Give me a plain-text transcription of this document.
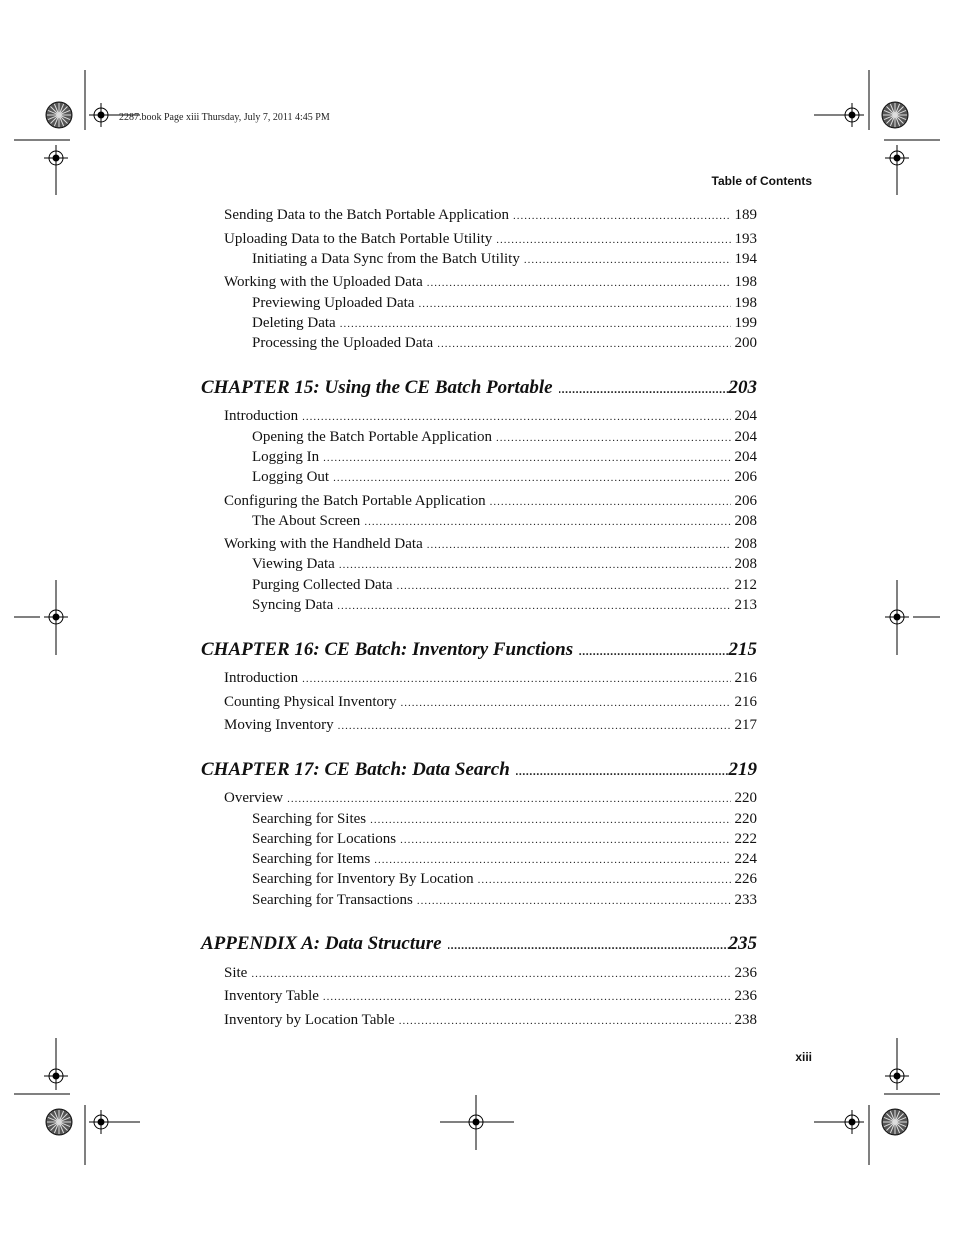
2287.book Page xiii Thursday, July 7, 2011 4:45 PM
Table of Contents
xiii
Sending Data to the Batch Portable Application .....	189
Uploading Data to the Batch Portable Utility .....	193
Initiating a Data Sync from the Batch Utility .....	194
Working with the Uploaded Data .....	198
Previewing Uploaded Data .....	198
Deleting Data .....	199
Processing the Uploaded Data .....	200
CHAPTER 15: Using the CE Batch Portable .....	203
Introduction .....	204
Opening the Batch Portable Application .....	204
Logging In .....	204
Logging Out .....	206
Configuring the Batch Portable Application .....	206
The About Screen .....	208
Working with the Handheld Data .....	208
Viewing Data .....	208
Purging Collected Data .....	212
Syncing Data .....	213
CHAPTER 16: CE Batch: Inventory Functions .....	215
Introduction .....	216
Counting Physical Inventory .....	216
Moving Inventory .....	217
CHAPTER 17: CE Batch: Data Search .....	219
Overview .....	220
Searching for Sites .....	220
Searching for Locations .....	222
Searching for Items .....	224
Searching for Inventory By Location .....	226
Searching for Transactions .....	233
APPENDIX A: Data Structure .....	235
Site .....	236
Inventory Table .....	236
Inventory by Location Table .....	238
